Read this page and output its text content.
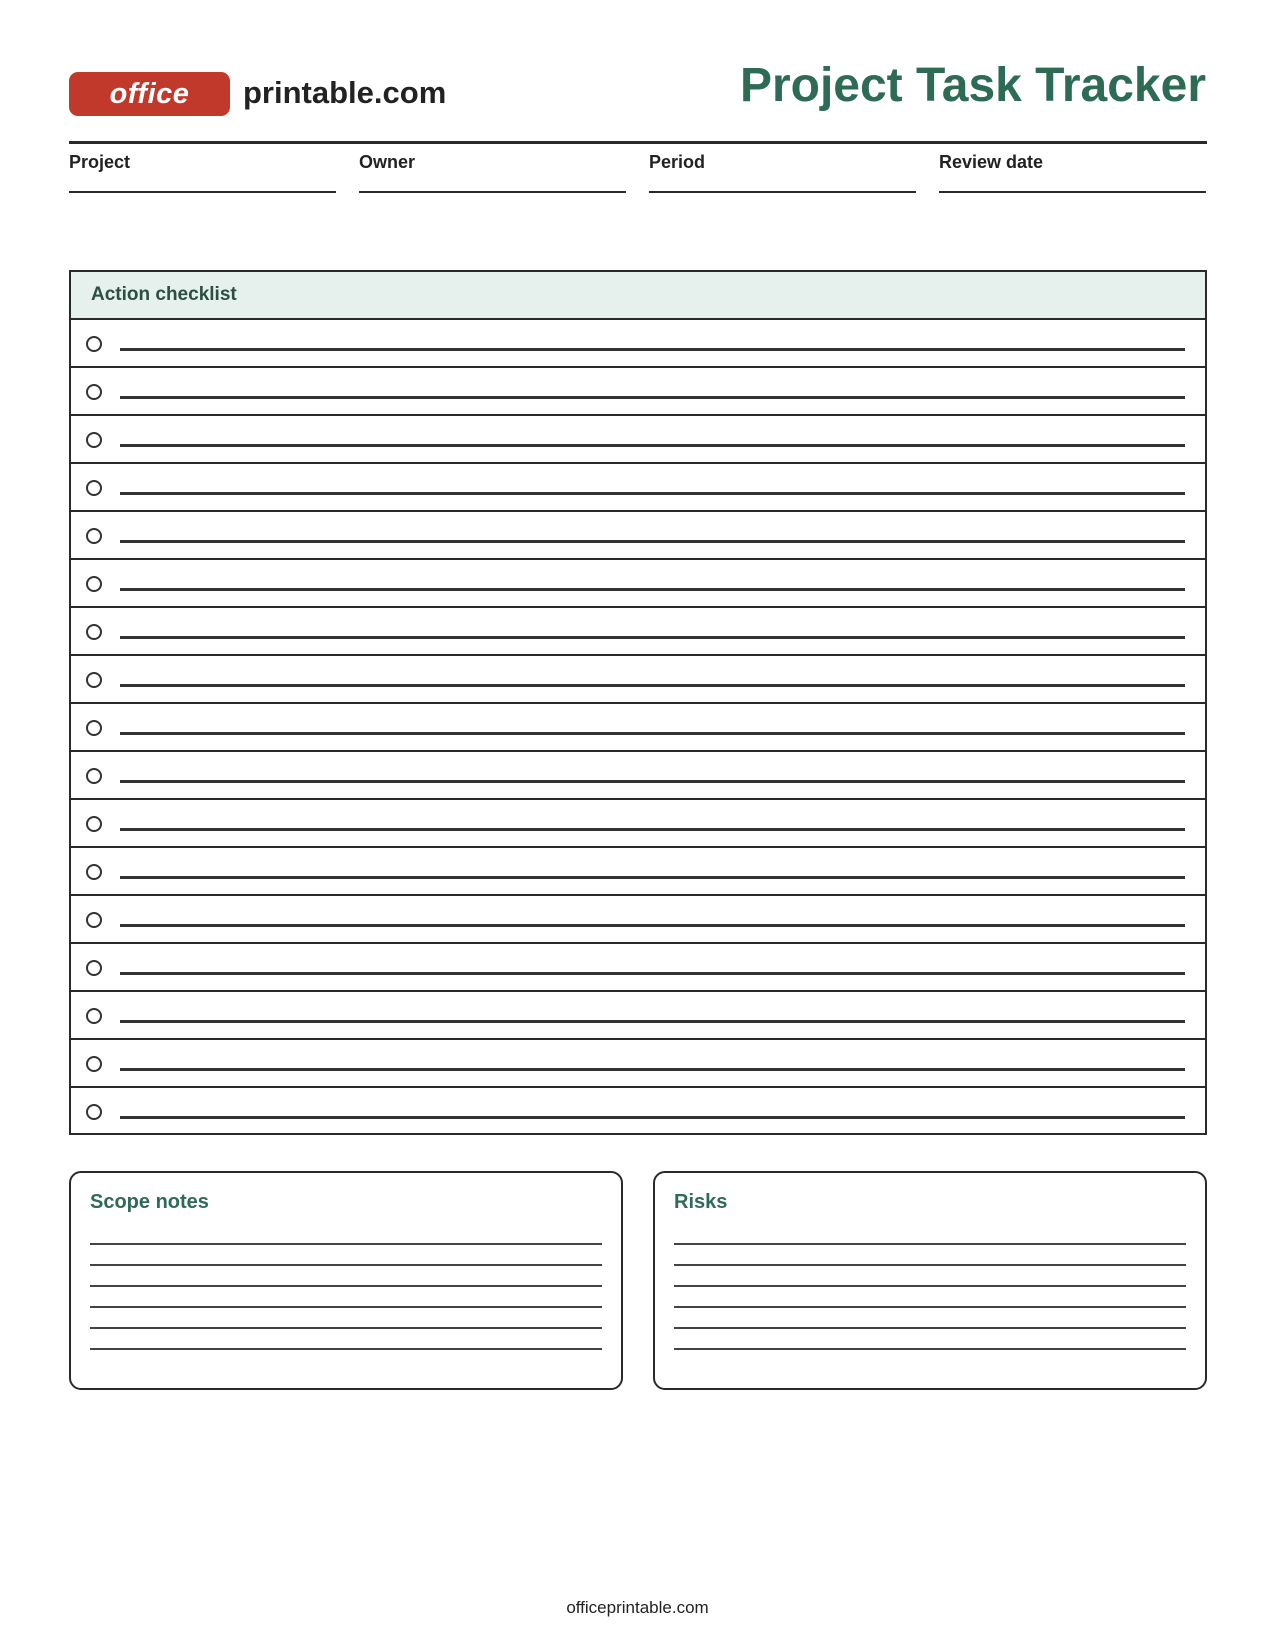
office printable.com	Project Task Tracker
Project	Owner	Period	Review date
Action checklist
Scope notes	Risks
officeprintable.com
